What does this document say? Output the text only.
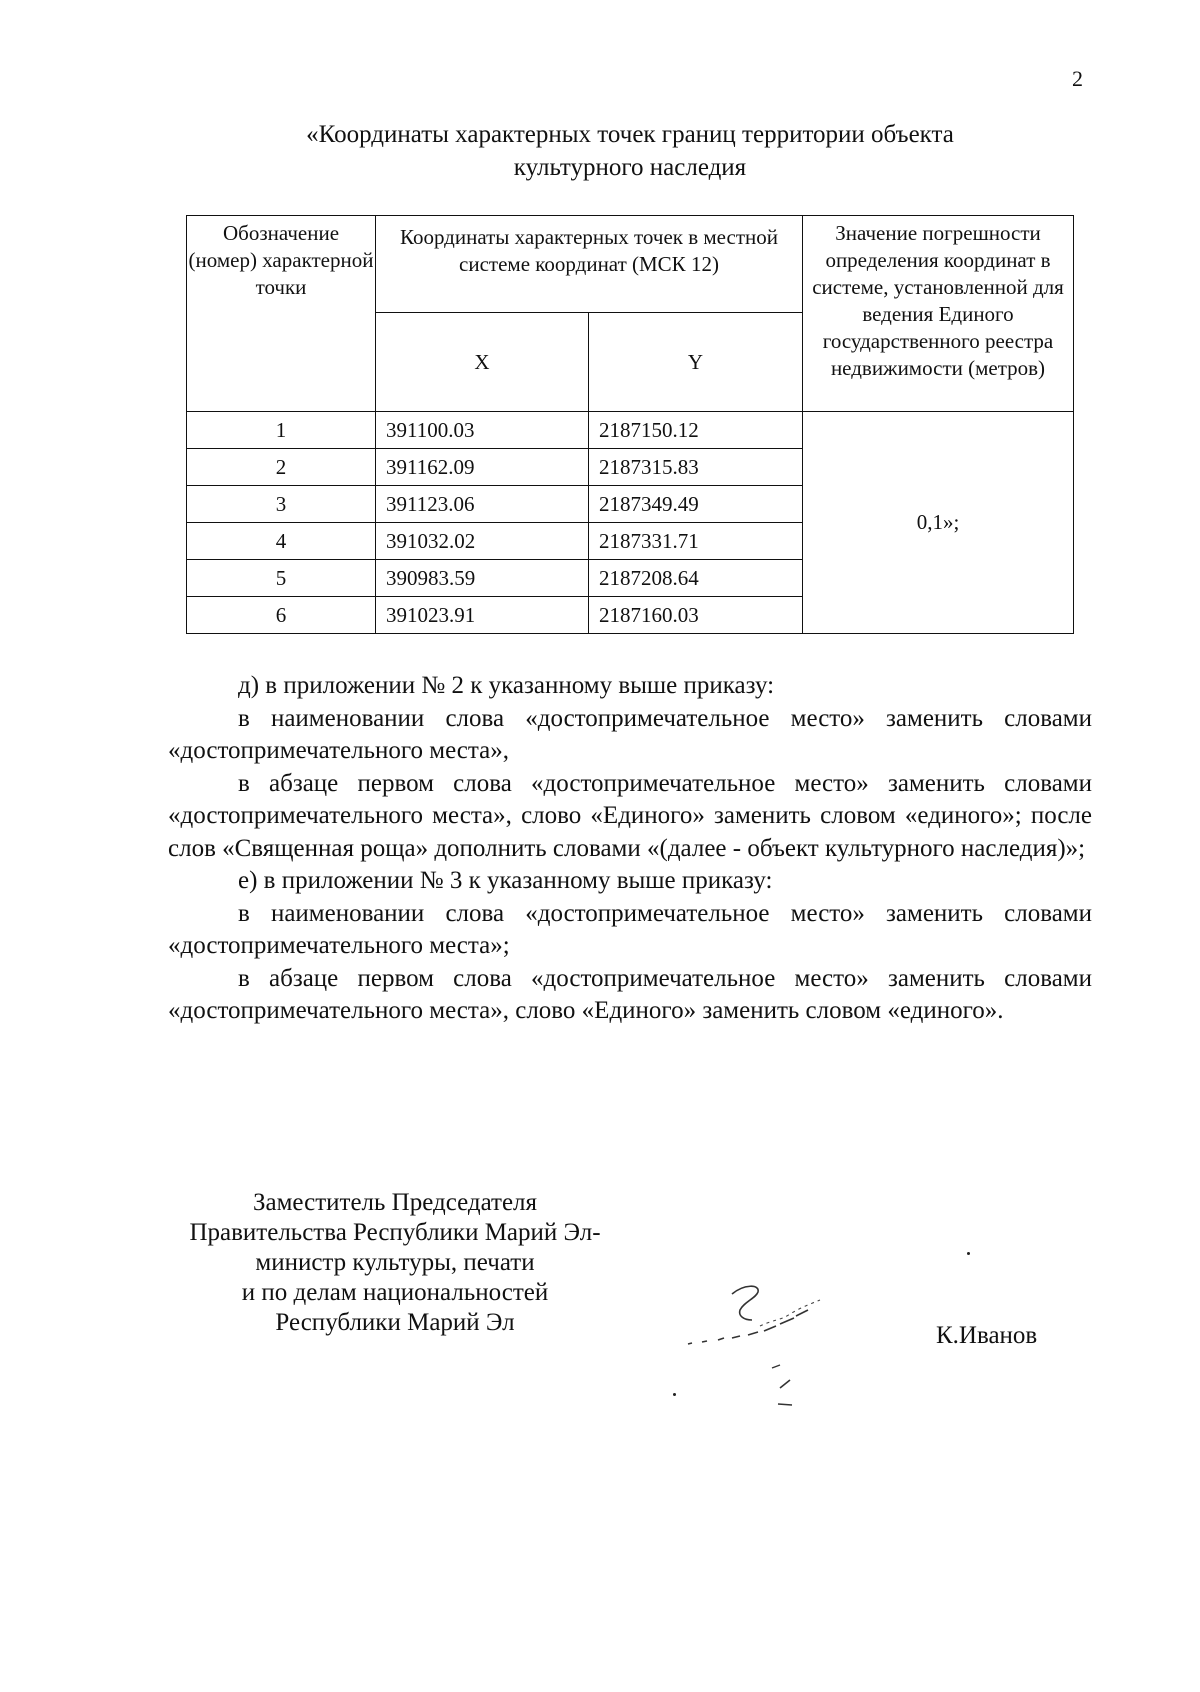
2
«Координаты характерных точек границ территории объекта культурного наследия
Обозначение (номер) характерной точки	Координаты характерных точек в местной системе координат (МСК 12)		Значение погрешности определения координат в системе, установленной для ведения Единого государственного реестра недвижимости (метров)
	X	Y	
1	391100.03	2187150.12	0,1»;
2	391162.09	2187315.83	
3	391123.06	2187349.49	
4	391032.02	2187331.71	
5	390983.59	2187208.64	
6	391023.91	2187160.03	

д) в приложении № 2 к указанному выше приказу:

в наименовании слова «достопримечательное место» заменить словами «достопримечательного места»,

в абзаце первом слова «достопримечательное место» заменить словами «достопримечательного места», слово «Единого» заменить словом «единого»; после слов «Священная роща» дополнить словами «(далее - объект культурного наследия)»;

е) в приложении № 3 к указанному выше приказу:

в наименовании слова «достопримечательное место» заменить словами «достопримечательного места»;

в абзаце первом слова «достопримечательное место» заменить словами «достопримечательного места», слово «Единого» заменить словом «единого».

Заместитель Председателя
Правительства Республики Марий Эл-
министр культуры, печати
и по делам национальностей
Республики Марий Эл	К.Иванов
